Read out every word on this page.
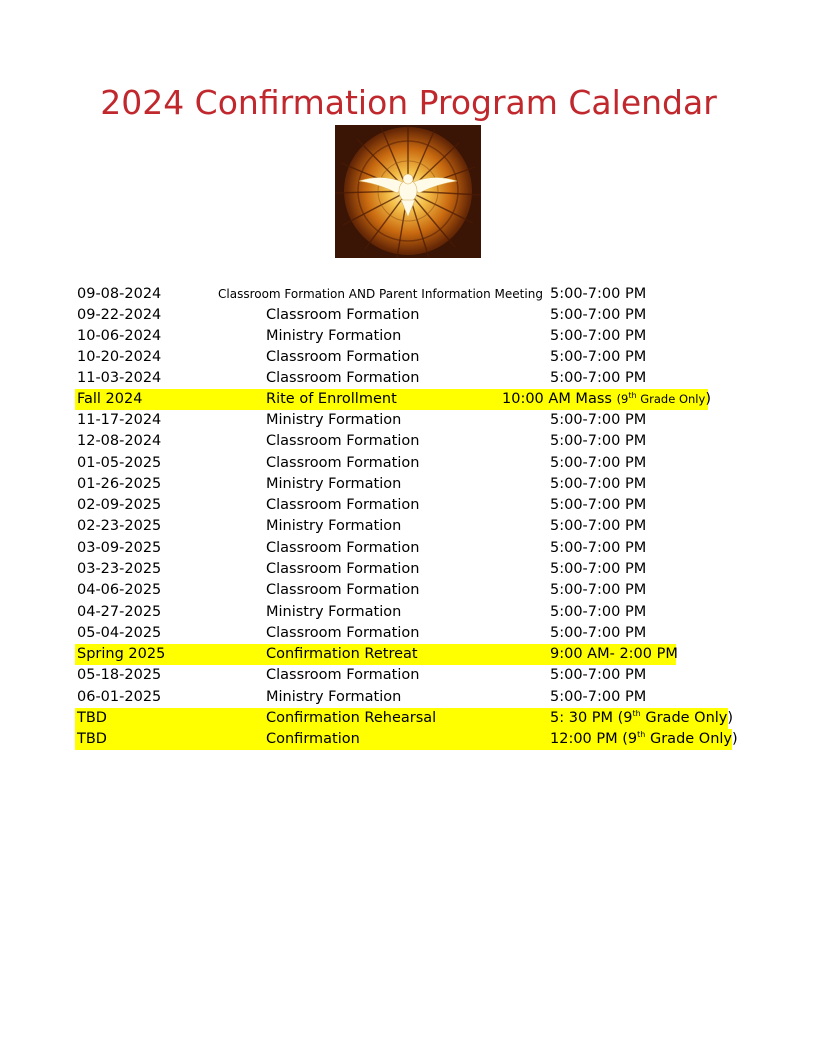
2024 Confirmation Program Calendar
09-08-2024	Classroom Formation AND Parent Information Meeting 5:00-7:00 PM
09-22-2024	Classroom Formation	5:00-7:00 PM
10-06-2024	Ministry Formation	5:00-7:00 PM
10-20-2024	Classroom Formation	5:00-7:00 PM
11-03-2024	Classroom Formation	5:00-7:00 PM
Fall 2024	Rite of Enrollment	10:00 AM Mass (9th Grade Only)
11-17-2024	Ministry Formation	5:00-7:00 PM
12-08-2024	Classroom Formation	5:00-7:00 PM
01-05-2025	Classroom Formation	5:00-7:00 PM
01-26-2025	Ministry Formation	5:00-7:00 PM
02-09-2025	Classroom Formation	5:00-7:00 PM
02-23-2025	Ministry Formation	5:00-7:00 PM
03-09-2025	Classroom Formation	5:00-7:00 PM
03-23-2025	Classroom Formation	5:00-7:00 PM
04-06-2025	Classroom Formation	5:00-7:00 PM
04-27-2025	Ministry Formation	5:00-7:00 PM
05-04-2025	Classroom Formation	5:00-7:00 PM
Spring 2025	Confirmation Retreat	9:00 AM- 2:00 PM
05-18-2025	Classroom Formation	5:00-7:00 PM
06-01-2025	Ministry Formation	5:00-7:00 PM
TBD	Confirmation Rehearsal	5: 30 PM (9th Grade Only)
TBD	Confirmation	12:00 PM (9th Grade Only)
